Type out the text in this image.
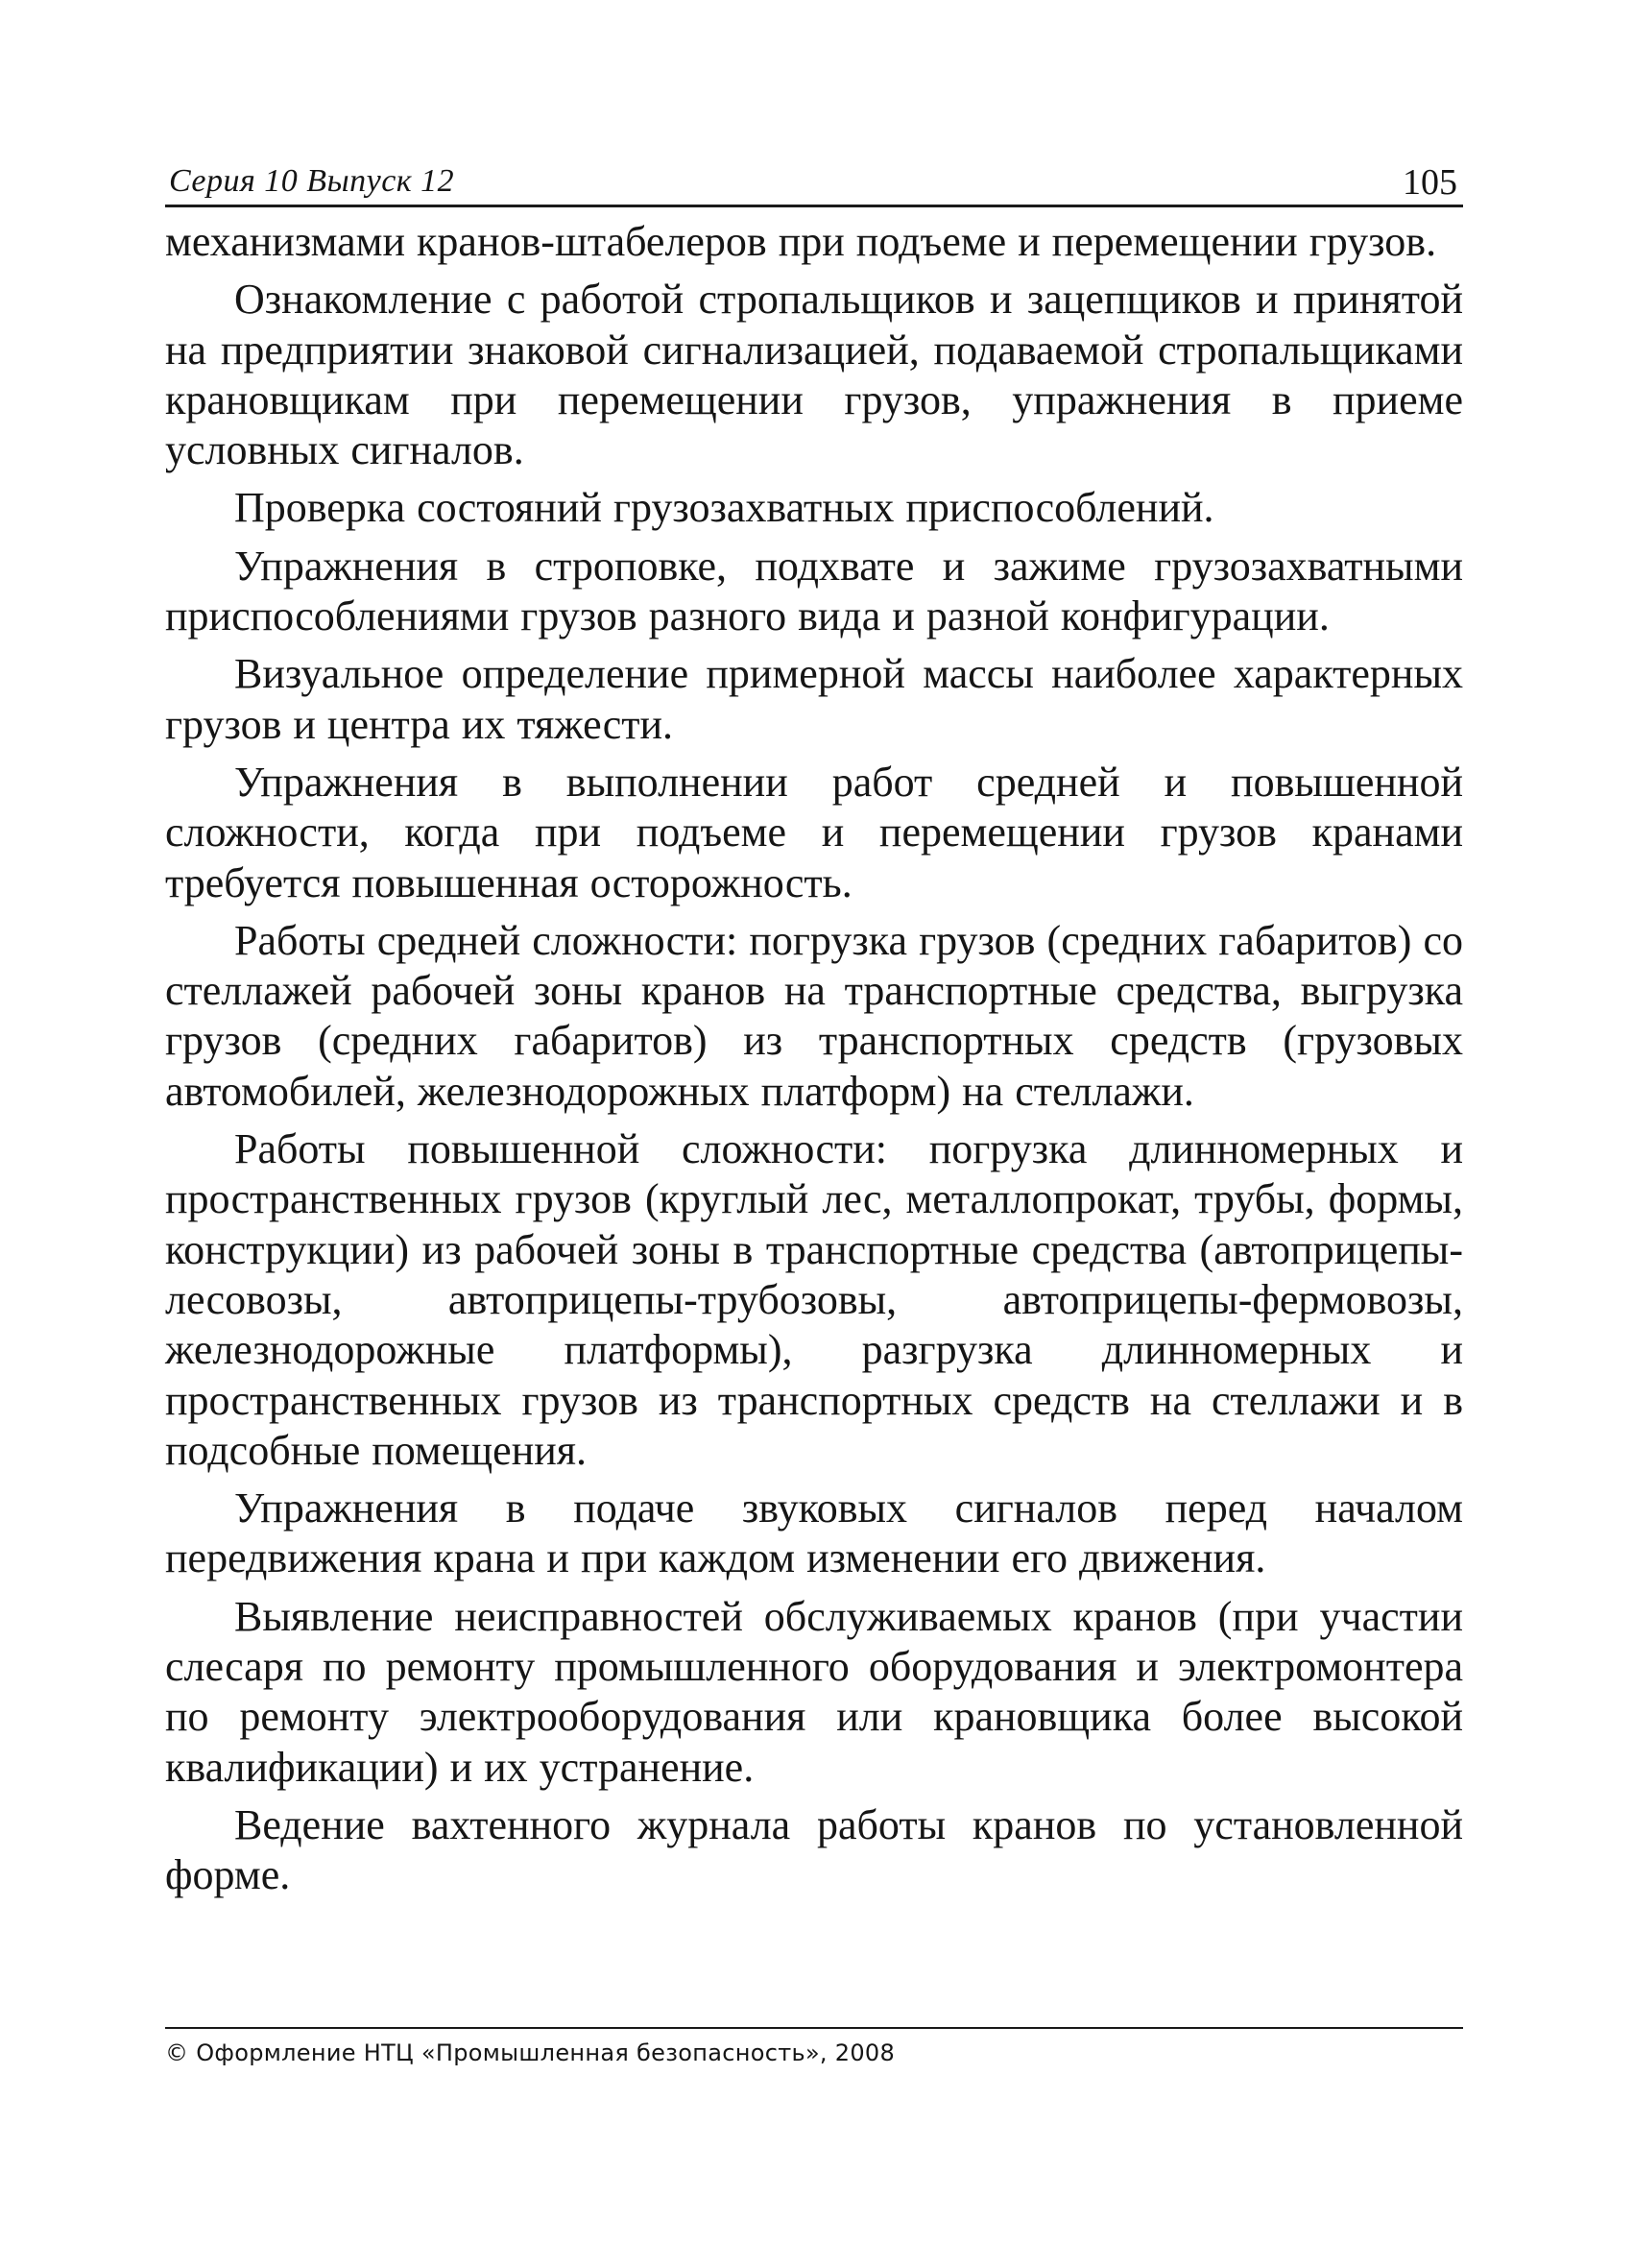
Серия 10 Выпуск 12	105

механизмами кранов-штабелеров при подъеме и перемещении грузов.

Ознакомление с работой стропальщиков и зацепщиков и принятой на предприятии знаковой сигнализацией, подаваемой стропальщиками крановщикам при перемещении грузов, упражнения в приеме условных сигналов.

Проверка состояний грузозахватных приспособлений.

Упражнения в строповке, подхвате и зажиме грузозахватными приспособлениями грузов разного вида и разной конфигурации.

Визуальное определение примерной массы наиболее характерных грузов и центра их тяжести.

Упражнения в выполнении работ средней и повышенной сложности, когда при подъеме и перемещении грузов кранами требуется повышенная осторожность.

Работы средней сложности: погрузка грузов (средних габаритов) со стеллажей рабочей зоны кранов на транспортные средства, выгрузка грузов (средних габаритов) из транспортных средств (грузовых автомобилей, железнодорожных платформ) на стеллажи.

Работы повышенной сложности: погрузка длинномерных и пространственных грузов (круглый лес, металлопрокат, трубы, формы, конструкции) из рабочей зоны в транспортные средства (автоприцепы-лесовозы, автоприцепы-трубозовы, автоприцепы-фермовозы, железнодорожные платформы), разгрузка длинномерных и пространственных грузов из транспортных средств на стеллажи и в подсобные помещения.

Упражнения в подаче звуковых сигналов перед началом передвижения крана и при каждом изменении его движения.

Выявление неисправностей обслуживаемых кранов (при участии слесаря по ремонту промышленного оборудования и электромонтера по ремонту электрооборудования или крановщика более высокой квалификации) и их устранение.

Ведение вахтенного журнала работы кранов по установленной форме.

© Оформление НТЦ «Промышленная безопасность», 2008
